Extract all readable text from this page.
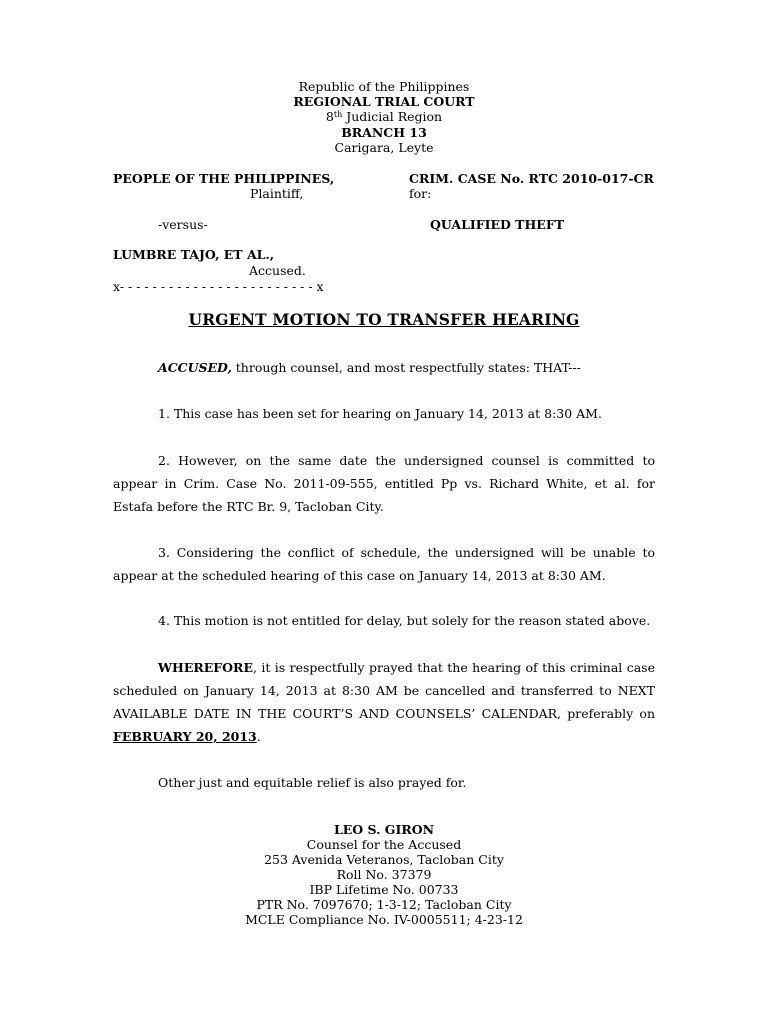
Republic of the Philippines
REGIONAL TRIAL COURT
8th Judicial Region
BRANCH 13
Carigara, Leyte
PEOPLE OF THE PHILIPPINES,
Plaintiff,
CRIM. CASE No. RTC 2010-017-CR
for:
-versus-	QUALIFIED THEFT
LUMBRE TAJO, ET AL.,
Accused.
x- - - - - - - - - - - - - - - - - - - - - - - - x
URGENT MOTION TO TRANSFER HEARING
ACCUSED, through counsel, and most respectfully states: THAT---
1. This case has been set for hearing on January 14, 2013 at 8:30 AM.
2. However, on the same date the undersigned counsel is committed to appear in Crim. Case No. 2011-09-555, entitled Pp vs. Richard White, et al. for Estafa before the RTC Br. 9, Tacloban City.
3. Considering the conflict of schedule, the undersigned will be unable to appear at the scheduled hearing of this case on January 14, 2013 at 8:30 AM.
4. This motion is not entitled for delay, but solely for the reason stated above.
WHEREFORE, it is respectfully prayed that the hearing of this criminal case scheduled on January 14, 2013 at 8:30 AM be cancelled and transferred to NEXT AVAILABLE DATE IN THE COURT’S AND COUNSELS’ CALENDAR, preferably on FEBRUARY 20, 2013.
Other just and equitable relief is also prayed for.
LEO S. GIRON
Counsel for the Accused
253 Avenida Veteranos, Tacloban City
Roll No. 37379
IBP Lifetime No. 00733
PTR No. 7097670; 1-3-12; Tacloban City
MCLE Compliance No. IV-0005511; 4-23-12
